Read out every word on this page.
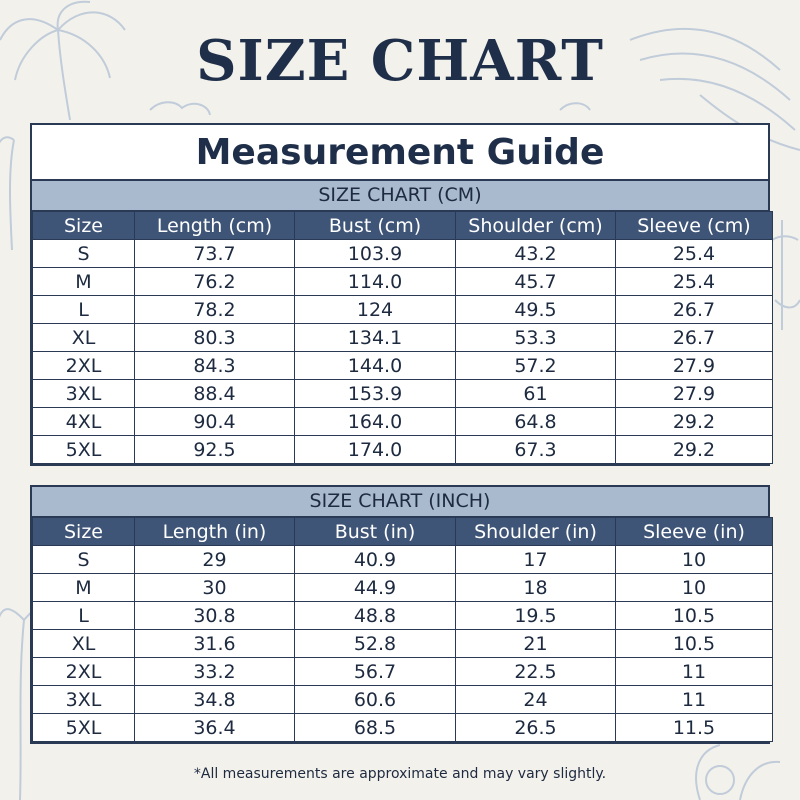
SIZE CHART
Measurement Guide
SIZE CHART (CM)
Size	Length (cm)	Bust (cm)	Shoulder (cm)	Sleeve (cm)
S	73.7	103.9	43.2	25.4
M	76.2	114.0	45.7	25.4
L	78.2	124	49.5	26.7
XL	80.3	134.1	53.3	26.7
2XL	84.3	144.0	57.2	27.9
3XL	88.4	153.9	61	27.9
4XL	90.4	164.0	64.8	29.2
5XL	92.5	174.0	67.3	29.2
SIZE CHART (INCH)
Size	Length (in)	Bust (in)	Shoulder (in)	Sleeve (in)
S	29	40.9	17	10
M	30	44.9	18	10
L	30.8	48.8	19.5	10.5
XL	31.6	52.8	21	10.5
2XL	33.2	56.7	22.5	11
3XL	34.8	60.6	24	11
5XL	36.4	68.5	26.5	11.5
*All measurements are approximate and may vary slightly.
